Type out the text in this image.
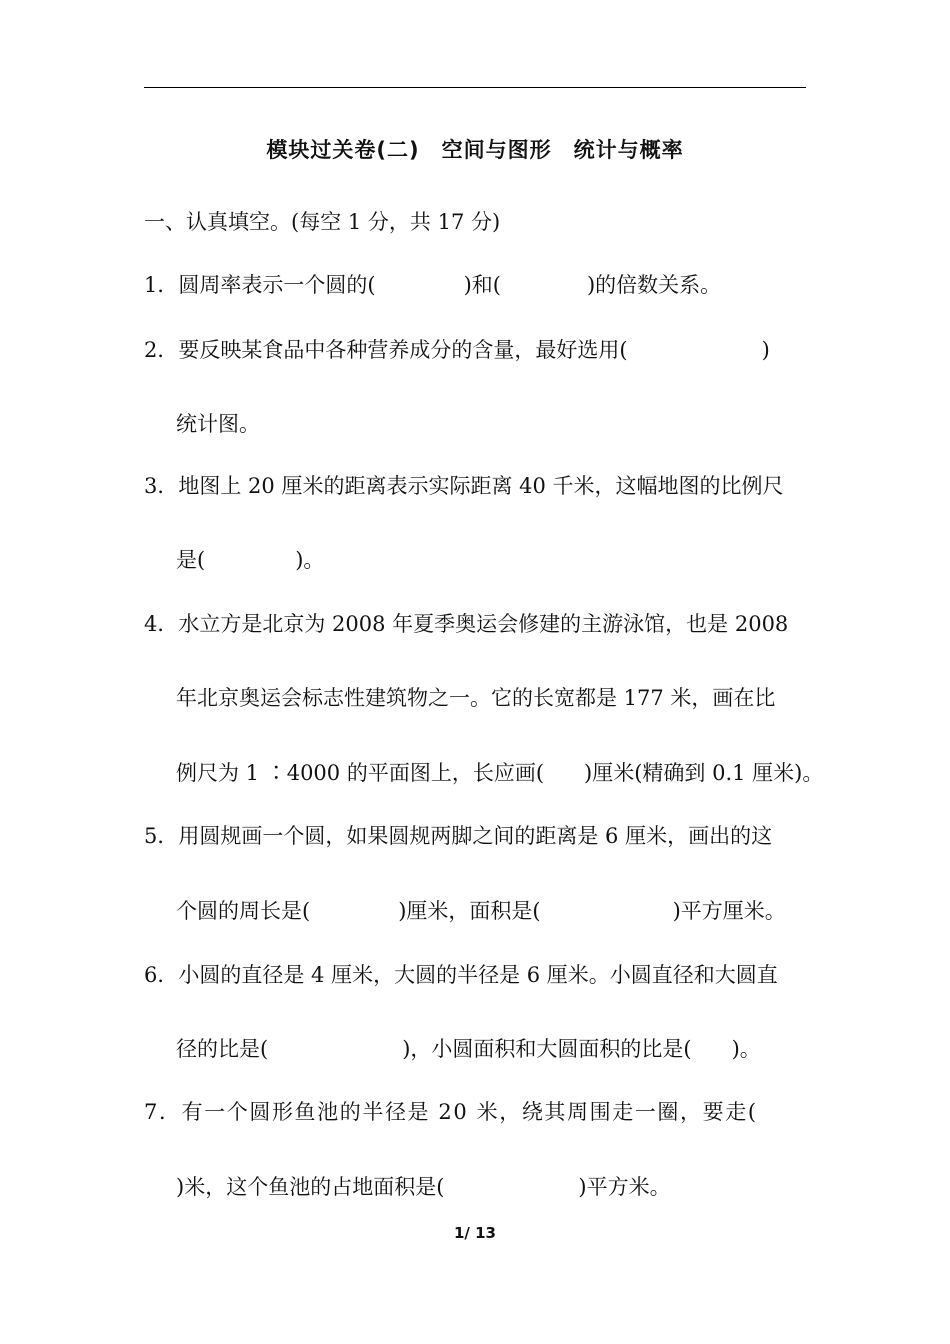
模块过关卷(二)　空间与图形　统计与概率
一、认真填空。(每空 1 分，共 17 分)
1．圆周率表示一个圆的(	)和(	)的倍数关系。
2．要反映某食品中各种营养成分的含量，最好选用(	)
统计图。
3．地图上 20 厘米的距离表示实际距离 40 千米，这幅地图的比例尺
是(	)。
4．水立方是北京为 2008 年夏季奥运会修建的主游泳馆，也是 2008
年北京奥运会标志性建筑物之一。它的长宽都是 177 米，画在比
例尺为 1 ∶4000 的平面图上，长应画( )厘米(精确到 0.1 厘米)。
5．用圆规画一个圆，如果圆规两脚之间的距离是 6 厘米，画出的这
个圆的周长是(	)厘米，面积是(	)平方厘米。
6．小圆的直径是 4 厘米，大圆的半径是 6 厘米。小圆直径和大圆直
径的比是(	)，小圆面积和大圆面积的比是( )。
7．有一个圆形鱼池的半径是 20 米，绕其周围走一圈，要走(
)米，这个鱼池的占地面积是(	)平方米。
1/ 13
